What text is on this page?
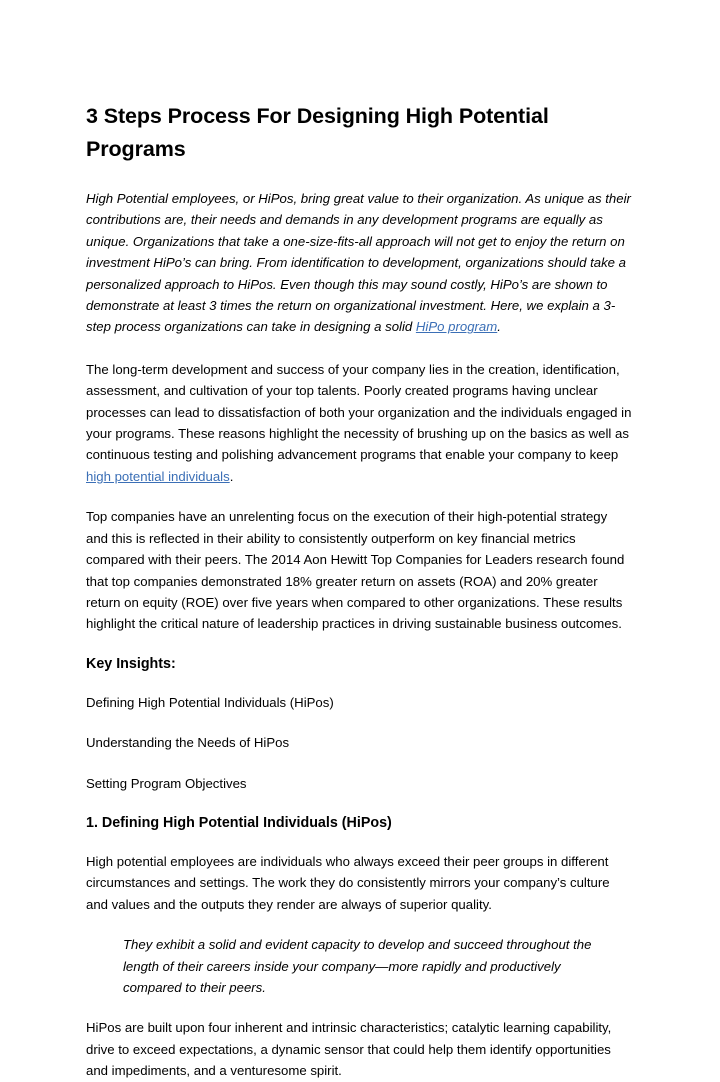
3 Steps Process For Designing High Potential Programs

High Potential employees, or HiPos, bring great value to their organization. As unique as their contributions are, their needs and demands in any development programs are equally as unique. Organizations that take a one-size-fits-all approach will not get to enjoy the return on investment HiPo’s can bring. From identification to development, organizations should take a personalized approach to HiPos. Even though this may sound costly, HiPo’s are shown to demonstrate at least 3 times the return on organizational investment. Here, we explain a 3-step process organizations can take in designing a solid HiPo program.

The long-term development and success of your company lies in the creation, identification, assessment, and cultivation of your top talents. Poorly created programs having unclear processes can lead to dissatisfaction of both your organization and the individuals engaged in your programs. These reasons highlight the necessity of brushing up on the basics as well as continuous testing and polishing advancement programs that enable your company to keep high potential individuals.

Top companies have an unrelenting focus on the execution of their high-potential strategy and this is reflected in their ability to consistently outperform on key financial metrics compared with their peers. The 2014 Aon Hewitt Top Companies for Leaders research found that top companies demonstrated 18% greater return on assets (ROA) and 20% greater return on equity (ROE) over five years when compared to other organizations. These results highlight the critical nature of leadership practices in driving sustainable business outcomes.

Key Insights:

Defining High Potential Individuals (HiPos)

Understanding the Needs of HiPos

Setting Program Objectives

1. Defining High Potential Individuals (HiPos)

High potential employees are individuals who always exceed their peer groups in different circumstances and settings. The work they do consistently mirrors your company’s culture and values and the outputs they render are always of superior quality.

They exhibit a solid and evident capacity to develop and succeed throughout the length of their careers inside your company—more rapidly and productively compared to their peers.

HiPos are built upon four inherent and intrinsic characteristics; catalytic learning capability, drive to exceed expectations, a dynamic sensor that could help them identify opportunities and impediments, and a venturesome spirit.
